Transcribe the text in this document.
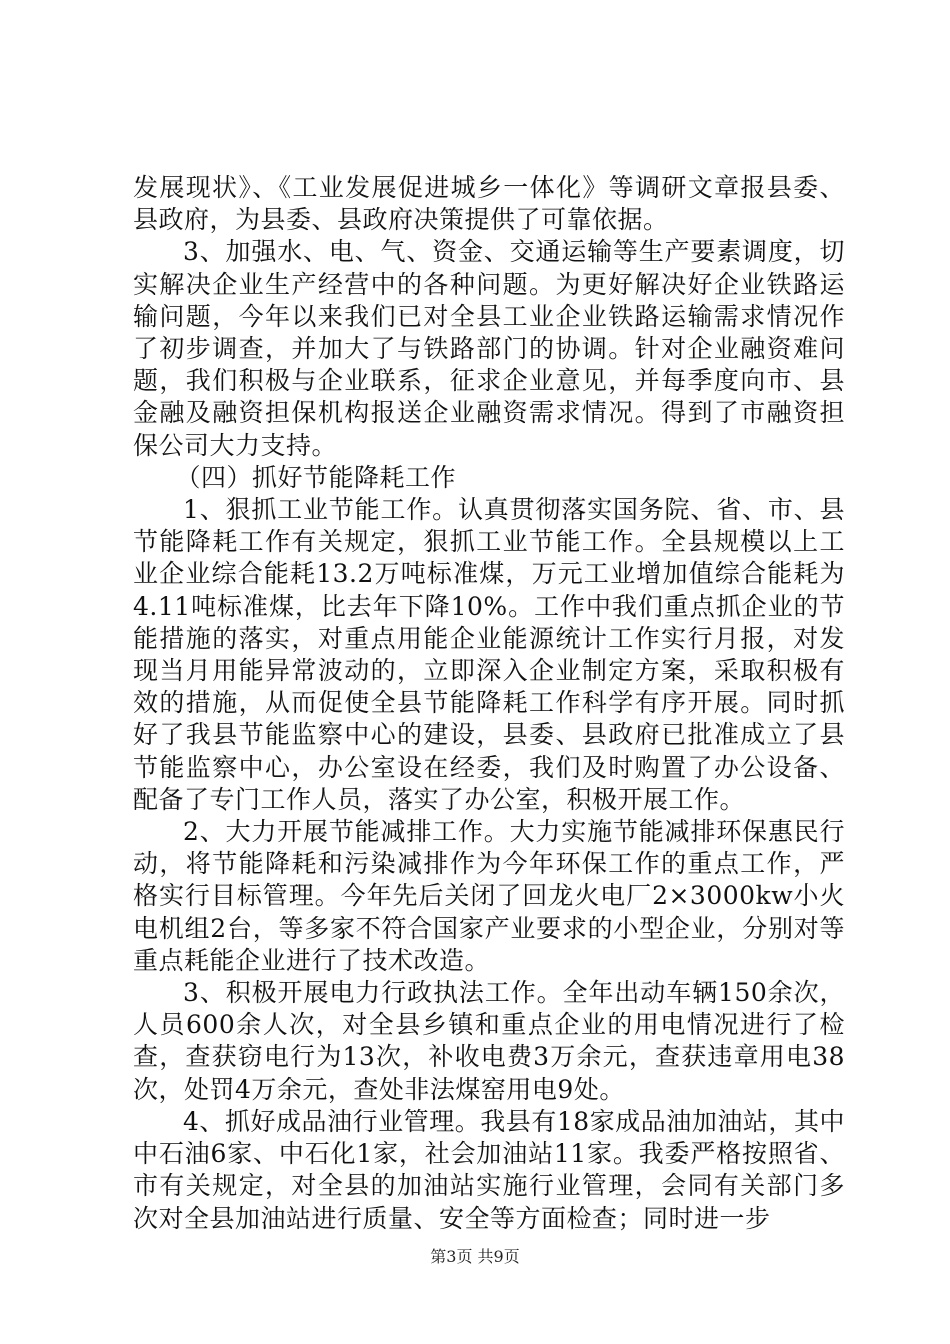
发展现状》、《工业发展促进城乡一体化》等调研文章报县委、县政府，为县委、县政府决策提供了可靠依据。

3、加强水、电、气、资金、交通运输等生产要素调度，切实解决企业生产经营中的各种问题。为更好解决好企业铁路运输问题，今年以来我们已对全县工业企业铁路运输需求情况作了初步调查，并加大了与铁路部门的协调。针对企业融资难问题，我们积极与企业联系，征求企业意见，并每季度向市、县金融及融资担保机构报送企业融资需求情况。得到了市融资担保公司大力支持。

（四）抓好节能降耗工作

1、狠抓工业节能工作。认真贯彻落实国务院、省、市、县节能降耗工作有关规定，狠抓工业节能工作。全县规模以上工业企业综合能耗13.2万吨标准煤，万元工业增加值综合能耗为4.11吨标准煤，比去年下降10%。工作中我们重点抓企业的节能措施的落实，对重点用能企业能源统计工作实行月报，对发现当月用能异常波动的，立即深入企业制定方案，采取积极有效的措施，从而促使全县节能降耗工作科学有序开展。同时抓好了我县节能监察中心的建设，县委、县政府已批准成立了县节能监察中心，办公室设在经委，我们及时购置了办公设备、配备了专门工作人员，落实了办公室，积极开展工作。

2、大力开展节能减排工作。大力实施节能减排环保惠民行动，将节能降耗和污染减排作为今年环保工作的重点工作，严格实行目标管理。今年先后关闭了回龙火电厂2×3000kw小火电机组2台，等多家不符合国家产业要求的小型企业，分别对等重点耗能企业进行了技术改造。

3、积极开展电力行政执法工作。全年出动车辆150余次，人员600余人次，对全县乡镇和重点企业的用电情况进行了检查，查获窃电行为13次，补收电费3万余元，查获违章用电38次，处罚4万余元，查处非法煤窑用电9处。

4、抓好成品油行业管理。我县有18家成品油加油站，其中中石油6家、中石化1家，社会加油站11家。我委严格按照省、市有关规定，对全县的加油站实施行业管理，会同有关部门多次对全县加油站进行质量、安全等方面检查；同时进一步

第3页 共9页
